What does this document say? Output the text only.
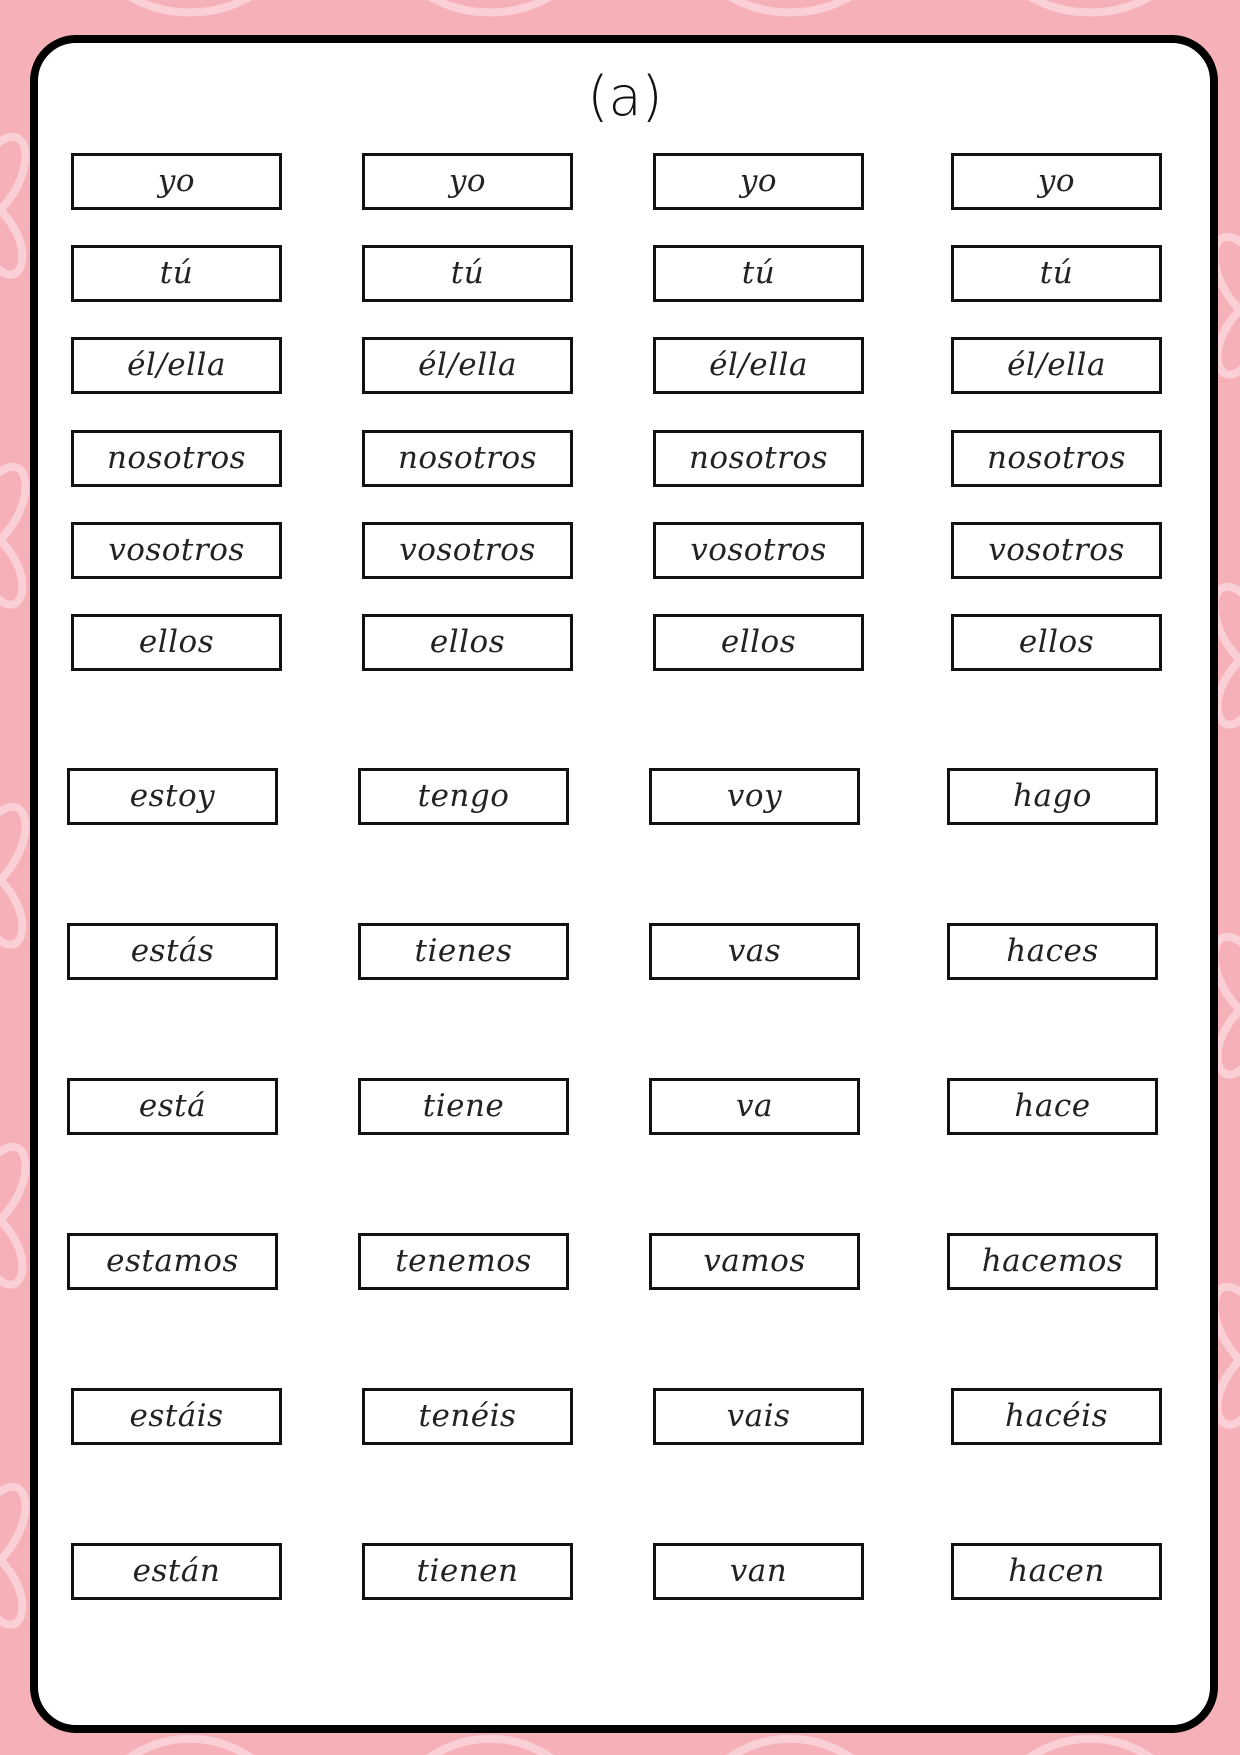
(a)
yo	yo	yo	yo
tú	tú	tú	tú
él/ella	él/ella	él/ella	él/ella
nosotros	nosotros	nosotros	nosotros
vosotros	vosotros	vosotros	vosotros
ellos	ellos	ellos	ellos
estoy	tengo	voy	hago
estás	tienes	vas	haces
está	tiene	va	hace
estamos	tenemos	vamos	hacemos
estáis	tenéis	vais	hacéis
están	tienen	van	hacen
